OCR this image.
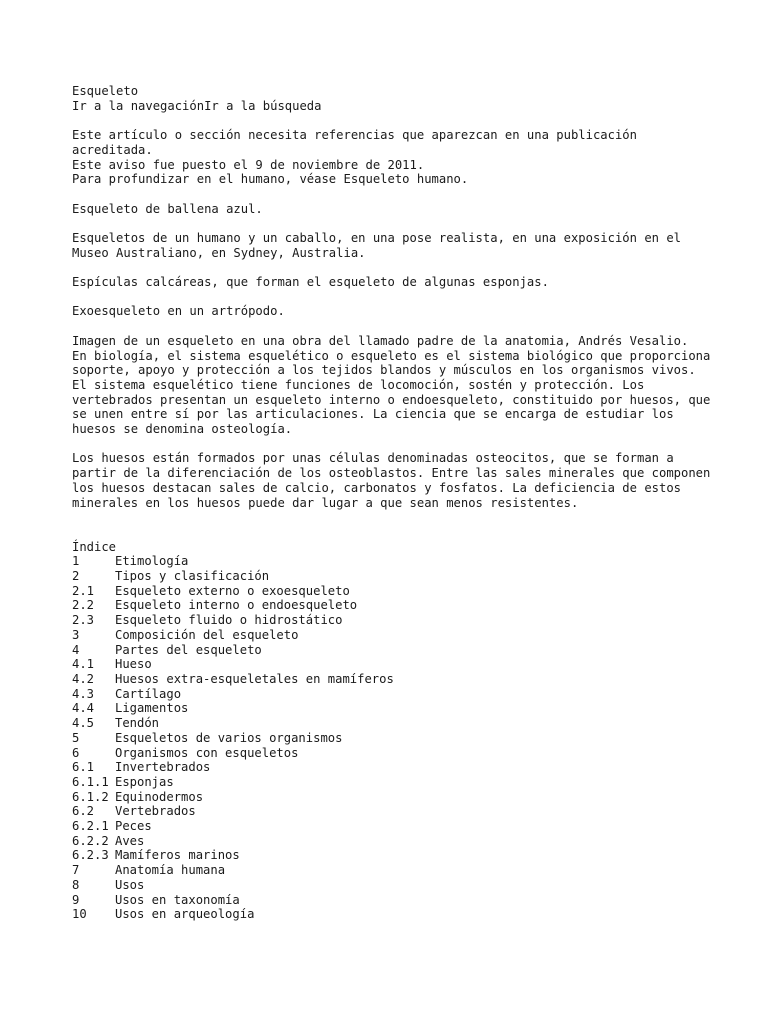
Esqueleto
Ir a la navegaciónIr a la búsqueda
Este artículo o sección necesita referencias que aparezcan en una publicación acreditada.
Este aviso fue puesto el 9 de noviembre de 2011.
Para profundizar en el humano, véase Esqueleto humano.
Esqueleto de ballena azul.
Esqueletos de un humano y un caballo, en una pose realista, en una exposición en el Museo Australiano, en Sydney, Australia.
Espículas calcáreas, que forman el esqueleto de algunas esponjas.
Exoesqueleto en un artrópodo.
Imagen de un esqueleto en una obra del llamado padre de la anatomia, Andrés Vesalio.
En biología, el sistema esquelético o esqueleto es el sistema biológico que proporciona soporte, apoyo y protección a los tejidos blandos y músculos en los organismos vivos. El sistema esquelético tiene funciones de locomoción, sostén y protección. Los vertebrados presentan un esqueleto interno o endoesqueleto, constituido por huesos, que se unen entre sí por las articulaciones. La ciencia que se encarga de estudiar los huesos se denomina osteología.
Los huesos están formados por unas células denominadas osteocitos, que se forman a partir de la diferenciación de los osteoblastos. Entre las sales minerales que componen los huesos destacan sales de calcio, carbonatos y fosfatos. La deficiencia de estos minerales en los huesos puede dar lugar a que sean menos resistentes.
Índice
1	Etimología
2	Tipos y clasificación
2.1	Esqueleto externo o exoesqueleto
2.2	Esqueleto interno o endoesqueleto
2.3	Esqueleto fluido o hidrostático
3	Composición del esqueleto
4	Partes del esqueleto
4.1	Hueso
4.2	Huesos extra-esqueletales en mamíferos
4.3	Cartílago
4.4	Ligamentos
4.5	Tendón
5	Esqueletos de varios organismos
6	Organismos con esqueletos
6.1	Invertebrados
6.1.1 Esponjas
6.1.2 Equinodermos
6.2	Vertebrados
6.2.1 Peces
6.2.2 Aves
6.2.3 Mamíferos marinos
7	Anatomía humana
8	Usos
9	Usos en taxonomía
10	Usos en arqueología
